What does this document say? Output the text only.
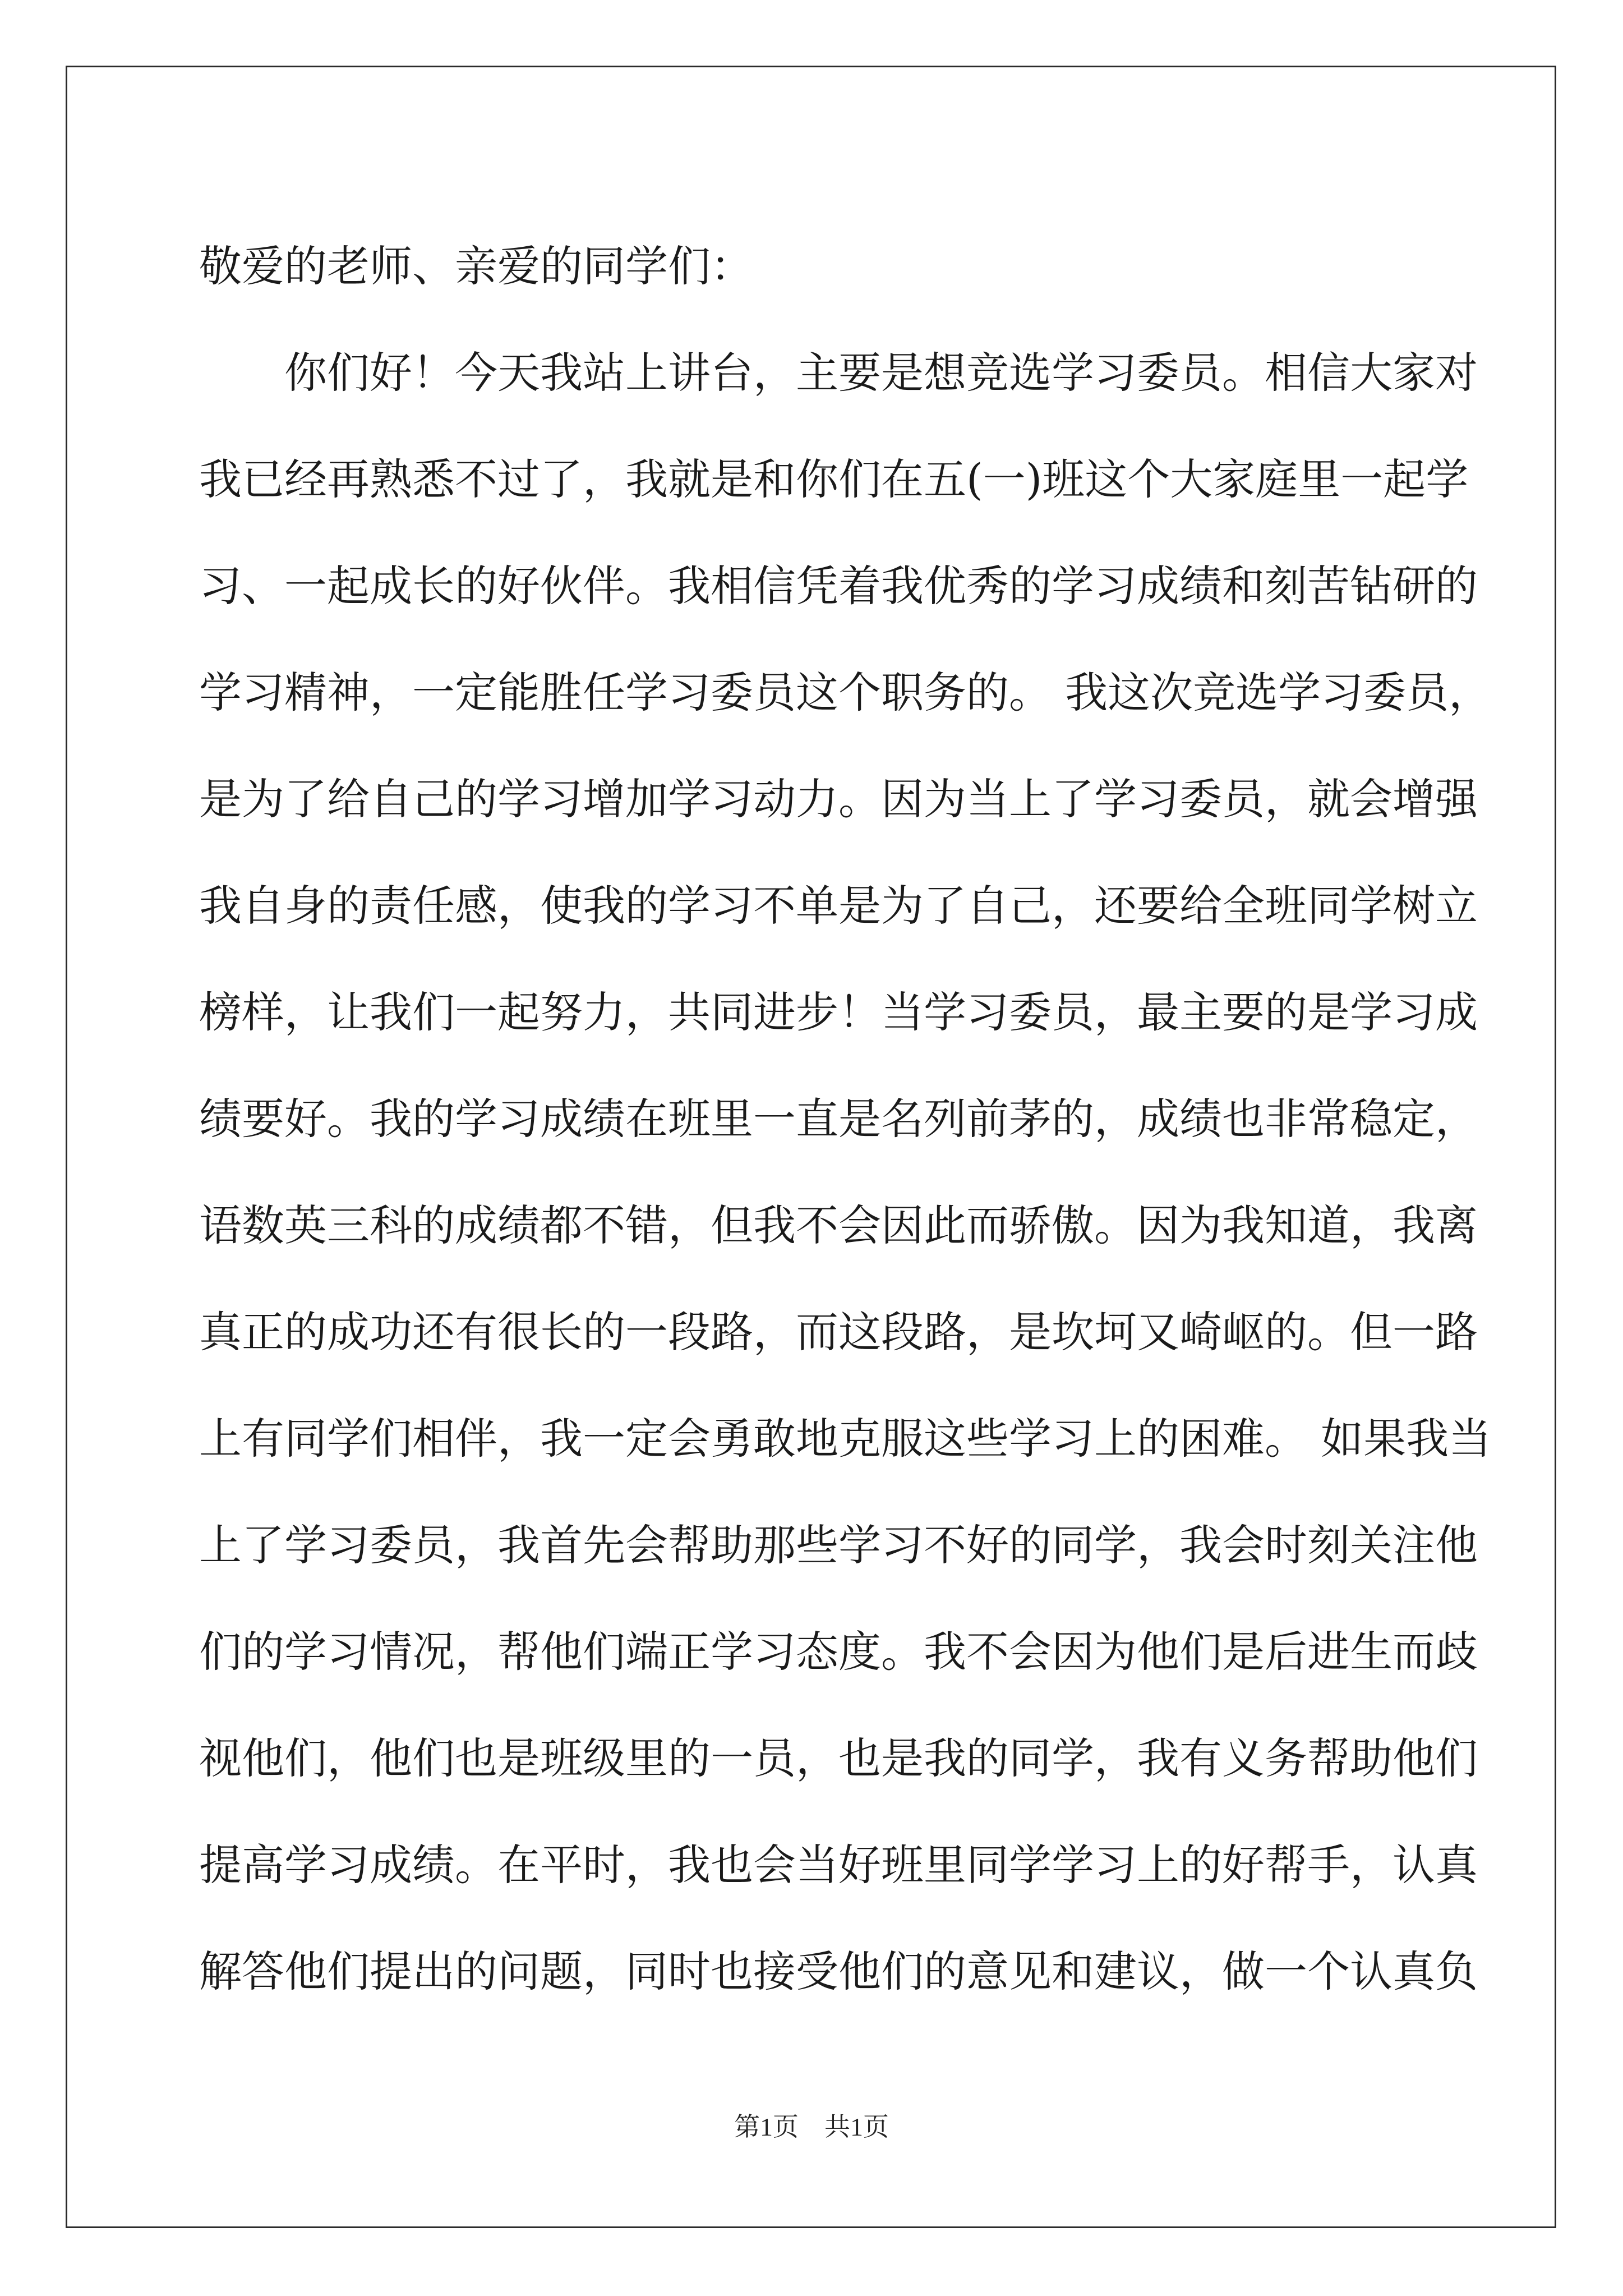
敬爱的老师、亲爱的同学们：
　　你们好！今天我站上讲台，主要是想竞选学习委员。相信大家对
我已经再熟悉不过了，我就是和你们在五(一)班这个大家庭里一起学
习、一起成长的好伙伴。我相信凭着我优秀的学习成绩和刻苦钻研的
学习精神，一定能胜任学习委员这个职务的。 我这次竞选学习委员，
是为了给自己的学习增加学习动力。因为当上了学习委员，就会增强
我自身的责任感，使我的学习不单是为了自己，还要给全班同学树立
榜样，让我们一起努力，共同进步！当学习委员，最主要的是学习成
绩要好。我的学习成绩在班里一直是名列前茅的，成绩也非常稳定，
语数英三科的成绩都不错，但我不会因此而骄傲。因为我知道，我离
真正的成功还有很长的一段路，而这段路，是坎坷又崎岖的。但一路
上有同学们相伴，我一定会勇敢地克服这些学习上的困难。 如果我当
上了学习委员，我首先会帮助那些学习不好的同学，我会时刻关注他
们的学习情况，帮他们端正学习态度。我不会因为他们是后进生而歧
视他们，他们也是班级里的一员，也是我的同学，我有义务帮助他们
提高学习成绩。在平时，我也会当好班里同学学习上的好帮手，认真
解答他们提出的问题，同时也接受他们的意见和建议，做一个认真负
第1页　共1页
